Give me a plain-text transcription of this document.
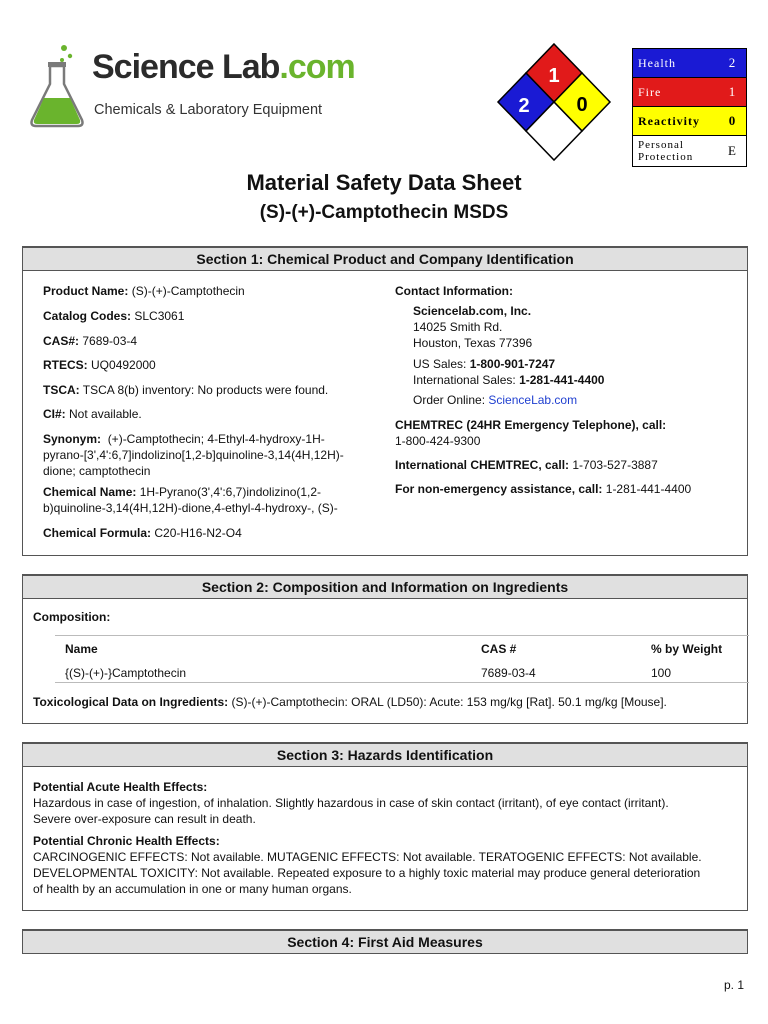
Science Lab.com
Chemicals & Laboratory Equipment
1
2 0
Health	2
Fire	1
Reactivity	0
Personal Protection	E
Material Safety Data Sheet
(S)-(+)-Camptothecin MSDS
Section 1: Chemical Product and Company Identification
Product Name: (S)-(+)-Camptothecin
Catalog Codes: SLC3061
CAS#: 7689-03-4
RTECS: UQ0492000
TSCA: TSCA 8(b) inventory: No products were found.
CI#: Not available.
Synonym: (+)-Camptothecin; 4-Ethyl-4-hydroxy-1H-
pyrano-[3',4':6,7]indolizino[1,2-b]quinoline-3,14(4H,12H)-
dione; camptothecin
Chemical Name: 1H-Pyrano(3',4':6,7)indolizino(1,2-
b)quinoline-3,14(4H,12H)-dione,4-ethyl-4-hydroxy-, (S)-
Chemical Formula: C20-H16-N2-O4
Contact Information:
Sciencelab.com, Inc.
14025 Smith Rd.
Houston, Texas 77396
US Sales: 1-800-901-7247
International Sales: 1-281-441-4400
Order Online: ScienceLab.com
CHEMTREC (24HR Emergency Telephone), call:
1-800-424-9300
International CHEMTREC, call: 1-703-527-3887
For non-emergency assistance, call: 1-281-441-4400
Section 2: Composition and Information on Ingredients
Composition:
Name	CAS #	% by Weight
{(S)-(+)-}Camptothecin	7689-03-4	100
Toxicological Data on Ingredients: (S)-(+)-Camptothecin: ORAL (LD50): Acute: 153 mg/kg [Rat]. 50.1 mg/kg [Mouse].
Section 3: Hazards Identification
Potential Acute Health Effects:
Hazardous in case of ingestion, of inhalation. Slightly hazardous in case of skin contact (irritant), of eye contact (irritant).
Severe over-exposure can result in death.
Potential Chronic Health Effects:
CARCINOGENIC EFFECTS: Not available. MUTAGENIC EFFECTS: Not available. TERATOGENIC EFFECTS: Not available.
DEVELOPMENTAL TOXICITY: Not available. Repeated exposure to a highly toxic material may produce general deterioration
of health by an accumulation in one or many human organs.
Section 4: First Aid Measures
p. 1
